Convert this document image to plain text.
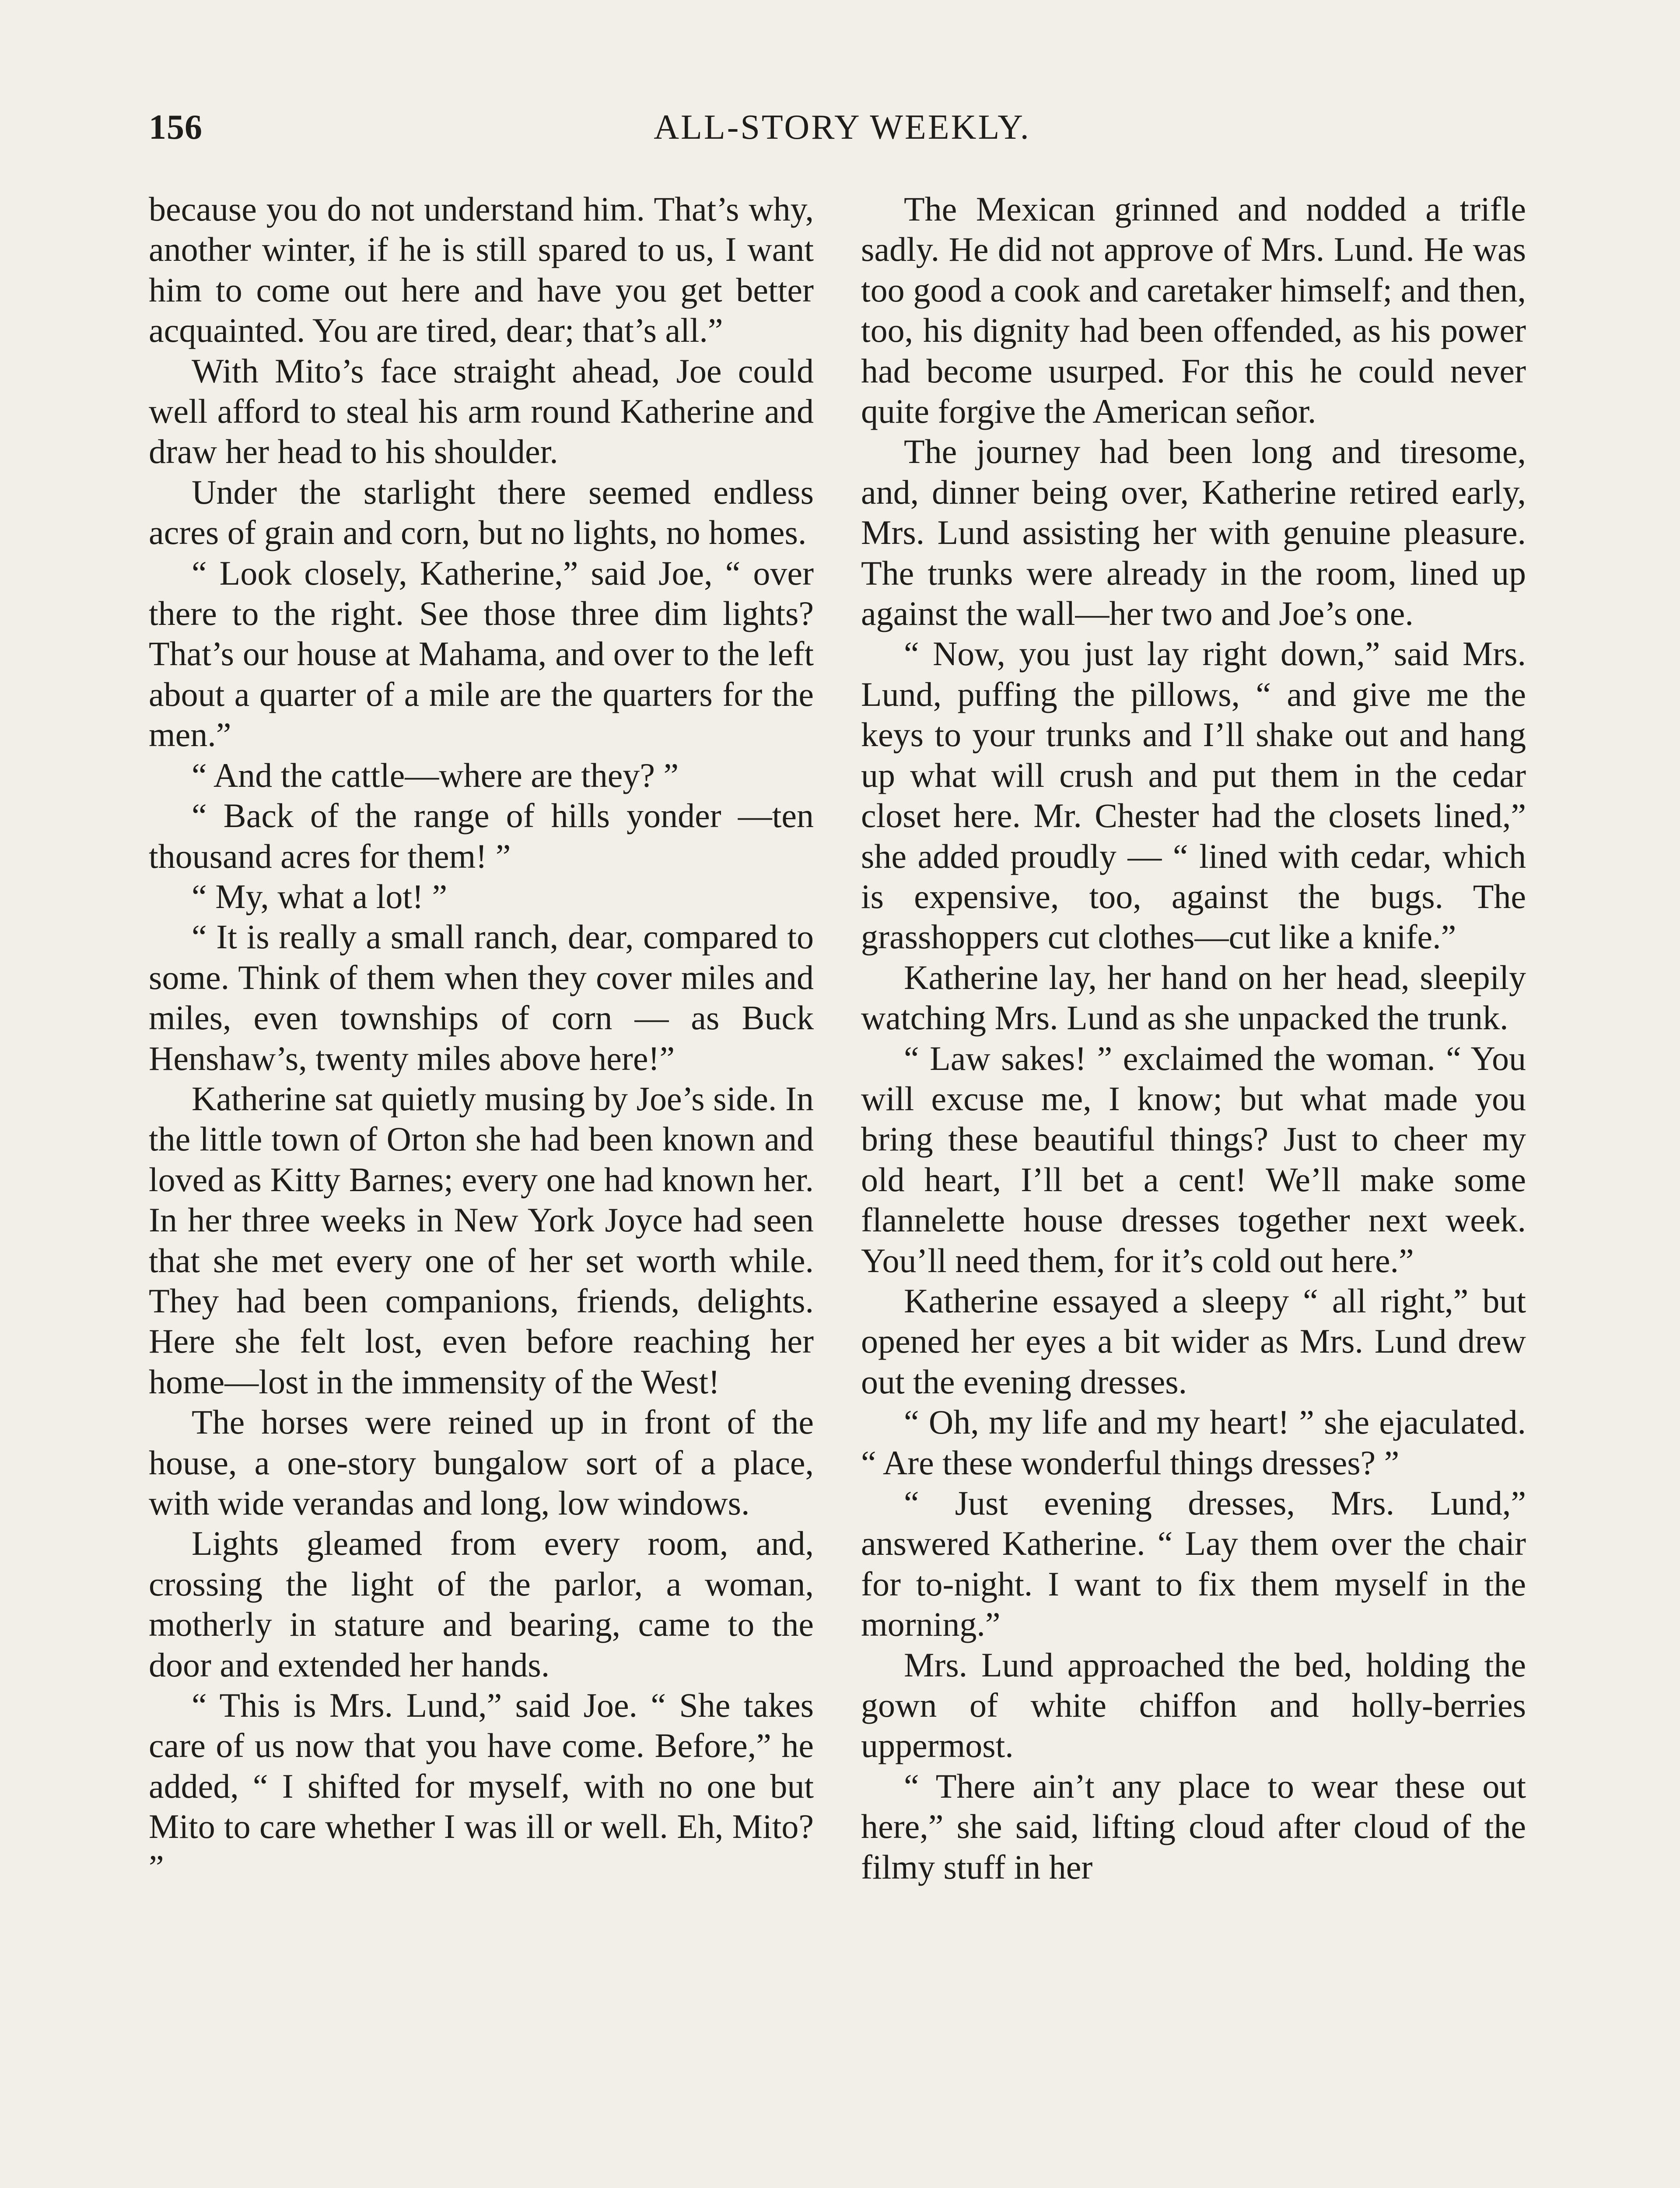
156	ALL-STORY WEEKLY.

because you do not understand him. That’s why, another winter, if he is still spared to us, I want him to come out here and have you get better acquainted. You are tired, dear; that’s all.”

With Mito’s face straight ahead, Joe could well afford to steal his arm round Katherine and draw her head to his shoulder.

Under the starlight there seemed endless acres of grain and corn, but no lights, no homes.

“ Look closely, Katherine,” said Joe, “ over there to the right. See those three dim lights? That’s our house at Mahama, and over to the left about a quarter of a mile are the quarters for the men.”

“ And the cattle—where are they? ”

“ Back of the range of hills yonder —ten thousand acres for them! ”

“ My, what a lot! ”

“ It is really a small ranch, dear, compared to some. Think of them when they cover miles and miles, even townships of corn — as Buck Henshaw’s, twenty miles above here!”

Katherine sat quietly musing by Joe’s side. In the little town of Orton she had been known and loved as Kitty Barnes; every one had known her. In her three weeks in New York Joyce had seen that she met every one of her set worth while. They had been companions, friends, delights. Here she felt lost, even before reaching her home—lost in the immensity of the West!

The horses were reined up in front of the house, a one-story bungalow sort of a place, with wide verandas and long, low windows.

Lights gleamed from every room, and, crossing the light of the parlor, a woman, motherly in stature and bearing, came to the door and extended her hands.

“ This is Mrs. Lund,” said Joe. “ She takes care of us now that you have come. Before,” he added, “ I shifted for myself, with no one but Mito to care whether I was ill or well. Eh, Mito? ”

The Mexican grinned and nodded a trifle sadly. He did not approve of Mrs. Lund. He was too good a cook and caretaker himself; and then, too, his dignity had been offended, as his power had become usurped. For this he could never quite forgive the American señor.

The journey had been long and tiresome, and, dinner being over, Katherine retired early, Mrs. Lund assisting her with genuine pleasure. The trunks were already in the room, lined up against the wall—her two and Joe’s one.

“ Now, you just lay right down,” said Mrs. Lund, puffing the pillows, “ and give me the keys to your trunks and I’ll shake out and hang up what will crush and put them in the cedar closet here. Mr. Chester had the closets lined,” she added proudly — “ lined with cedar, which is expensive, too, against the bugs. The grasshoppers cut clothes—cut like a knife.”

Katherine lay, her hand on her head, sleepily watching Mrs. Lund as she unpacked the trunk.

“ Law sakes! ” exclaimed the woman. “ You will excuse me, I know; but what made you bring these beautiful things? Just to cheer my old heart, I’ll bet a cent! We’ll make some flannelette house dresses together next week. You’ll need them, for it’s cold out here.”

Katherine essayed a sleepy “ all right,” but opened her eyes a bit wider as Mrs. Lund drew out the evening dresses.

“ Oh, my life and my heart! ” she ejaculated. “ Are these wonderful things dresses? ”

“ Just evening dresses, Mrs. Lund,” answered Katherine. “ Lay them over the chair for to-night. I want to fix them myself in the morning.”

Mrs. Lund approached the bed, holding the gown of white chiffon and holly-berries uppermost.

“ There ain’t any place to wear these out here,” she said, lifting cloud after cloud of the filmy stuff in her
